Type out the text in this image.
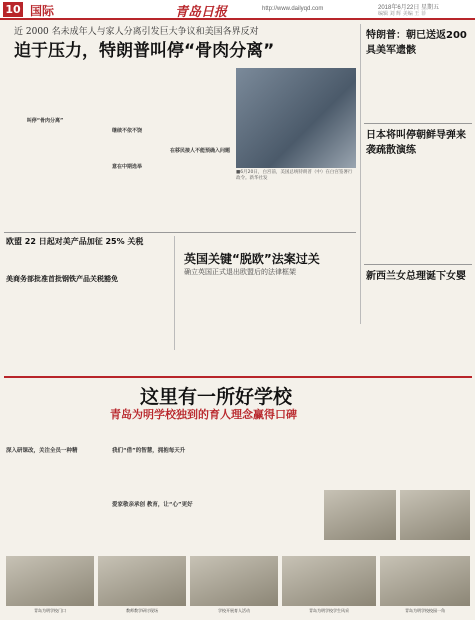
10 国际	青岛日报	http://www.dailyqd.com	2018年6月22日 星期五
编辑 刘 辉 美编 王 菲
近 2000 名未成年人与家人分离引发巨大争议和美国各界反对
迫于压力，特朗普叫停“骨肉分离”
叫停“骨肉分离”
继续不依不饶
意在中期选举
在移民接人不能预确入问题
■6月20日，白宫前，美国总统特朗普（中）在白宫签署行政令。新华社发
特朗普：朝已送返200具美军遗骸
日本将叫停朝鲜导弹来袭疏散演练
新西兰女总理诞下女婴
欧盟 22 日起对美产品加征 25% 关税
美商务部批准首批钢铁产品关税豁免
英国关键“脱欧”法案过关
确立英国正式退出欧盟后的法律框架
这里有一所好学校
青岛为明学校独到的育人理念赢得口碑
深入研课改，关注全员一种精	我们“借”的智慧，拥抱每天升
爱家敬亲承创 教育，让“心”更好
青岛为明学校门口	教师教学研讨现场	学校开展育人活动	青岛为明学校学生风采	青岛为明学校校园一角
